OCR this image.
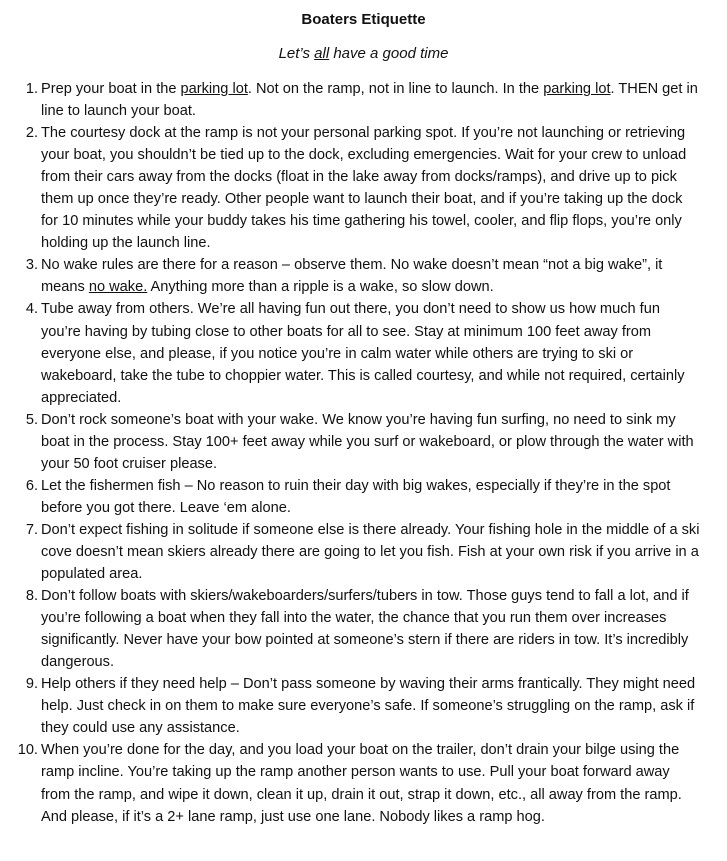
Boaters Etiquette
Let’s all have a good time
1. Prep your boat in the parking lot. Not on the ramp, not in line to launch. In the parking lot. THEN get in line to launch your boat.
2. The courtesy dock at the ramp is not your personal parking spot. If you’re not launching or retrieving your boat, you shouldn’t be tied up to the dock, excluding emergencies. Wait for your crew to unload from their cars away from the docks (float in the lake away from docks/ramps), and drive up to pick them up once they’re ready. Other people want to launch their boat, and if you’re taking up the dock for 10 minutes while your buddy takes his time gathering his towel, cooler, and flip flops, you’re only holding up the launch line.
3. No wake rules are there for a reason – observe them. No wake doesn’t mean “not a big wake”, it means no wake. Anything more than a ripple is a wake, so slow down.
4. Tube away from others. We’re all having fun out there, you don’t need to show us how much fun you’re having by tubing close to other boats for all to see. Stay at minimum 100 feet away from everyone else, and please, if you notice you’re in calm water while others are trying to ski or wakeboard, take the tube to choppier water. This is called courtesy, and while not required, certainly appreciated.
5. Don’t rock someone’s boat with your wake. We know you’re having fun surfing, no need to sink my boat in the process. Stay 100+ feet away while you surf or wakeboard, or plow through the water with your 50 foot cruiser please.
6. Let the fishermen fish – No reason to ruin their day with big wakes, especially if they’re in the spot before you got there. Leave ‘em alone.
7. Don’t expect fishing in solitude if someone else is there already. Your fishing hole in the middle of a ski cove doesn’t mean skiers already there are going to let you fish. Fish at your own risk if you arrive in a populated area.
8. Don’t follow boats with skiers/wakeboarders/surfers/tubers in tow. Those guys tend to fall a lot, and if you’re following a boat when they fall into the water, the chance that you run them over increases significantly. Never have your bow pointed at someone’s stern if there are riders in tow. It’s incredibly dangerous.
9. Help others if they need help – Don’t pass someone by waving their arms frantically. They might need help. Just check in on them to make sure everyone’s safe. If someone’s struggling on the ramp, ask if they could use any assistance.
10. When you’re done for the day, and you load your boat on the trailer, don’t drain your bilge using the ramp incline. You’re taking up the ramp another person wants to use. Pull your boat forward away from the ramp, and wipe it down, clean it up, drain it out, strap it down, etc., all away from the ramp. And please, if it’s a 2+ lane ramp, just use one lane. Nobody likes a ramp hog.
